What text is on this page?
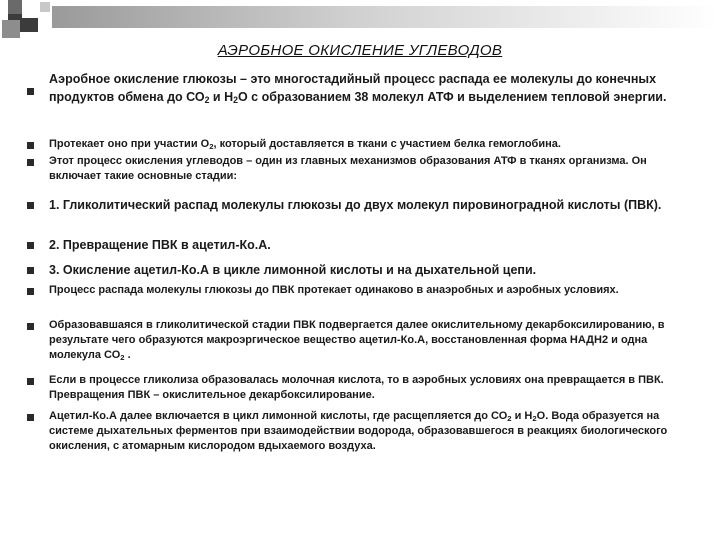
АЭРОБНОЕ ОКИСЛЕНИЕ УГЛЕВОДОВ

Аэробное окисление глюкозы – это многостадийный процесс распада ее молекулы до конечных продуктов обмена до $СО_2$ и $Н_2О$ с образованием 38 молекул АТФ и выделением тепловой энергии.

Протекает оно при участии $О_2$, который доставляется в ткани с участием белка гемоглобина.

Этот процесс окисления углеводов – один из главных механизмов образования АТФ в тканях организма. Он включает такие основные стадии:

1. Гликолитический распад молекулы глюкозы до двух молекул пировиноградной кислоты (ПВК).

2. Превращение ПВК в ацетил-Ко.А.

3. Окисление ацетил-Ко.А в цикле лимонной кислоты и на дыхательной цепи.

Процесс распада молекулы глюкозы до ПВК протекает одинаково в анаэробных и аэробных условиях.

Образовавшаяся в гликолитической стадии ПВК подвергается далее окислительному декарбоксилированию, в результате чего образуются макроэргическое вещество ацетил-Ко.А, восстановленная форма НАДН2 и одна молекула $СО_2$ .

Если в процессе гликолиза образовалась молочная кислота, то в аэробных условиях она превращается в ПВК. Превращения ПВК – окислительное декарбоксилирование.

Ацетил-Ко.А далее включается в цикл лимонной кислоты, где расщепляется до $СО_2$ и $Н_2О$. Вода образуется на системе дыхательных ферментов при взаимодействии водорода, образовавшегося в реакциях биологического окисления, с атомарным кислородом вдыхаемого воздуха.
